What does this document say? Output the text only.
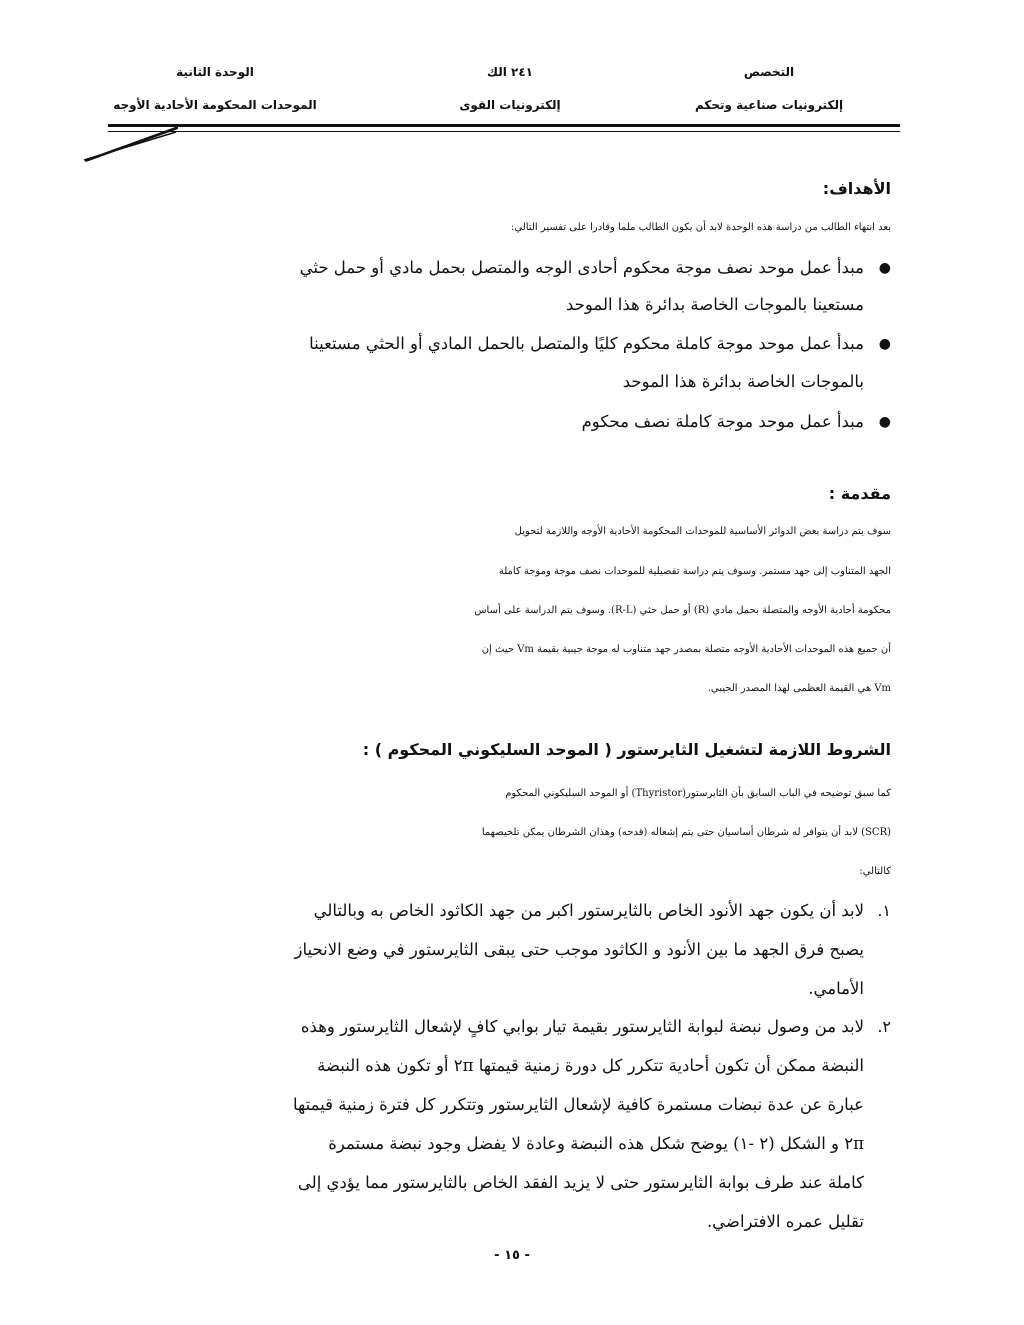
التخصص
إلكترونيات صناعية وتحكم
٢٤١ الك
إلكترونيات القوى
الوحدة الثانية
الموحدات المحكومة الأحادية الأوجه
الأهداف:
بعد انتهاء الطالب من دراسة هذه الوحدة لابد أن يكون الطالب ملما وقادرا على تفسير التالي:
●
مبدأ عمل موحد نصف موجة محكوم أحادى الوجه والمتصل بحمل مادي أو حمل حثي
مستعينا بالموجات الخاصة بدائرة هذا الموحد
●
مبدأ عمل موحد موجة كاملة محكوم كليًا والمتصل بالحمل المادي أو الحثي مستعينا
بالموجات الخاصة بدائرة هذا الموحد
●
مبدأ عمل موحد موجة كاملة نصف محكوم
مقدمة :
سوف يتم دراسة بعض الدوائر الأساسية للموحدات المحكومة الأحادية الأوجه واللازمة لتحويل
الجهد المتناوب إلى جهد مستمر. وسوف يتم دراسة تفصيلية للموحدات نصف موجة وموجة كاملة
محكومة أحادية الأوجه والمتصلة بحمل مادي (R) أو حمل حثي (R-L). وسوف يتم الدراسة على أساس
أن جميع هذه الموحدات الأحادية الأوجه متصلة بمصدر جهد متناوب له موجة جيبية بقيمة Vm حيث إن
Vm هي القيمة العظمى لهذا المصدر الجيبي.
الشروط اللازمة لتشغيل الثايرستور ( الموحد السليكوني المحكوم ) :
كما سبق توضيحه في الباب السابق بأن الثايرستور(Thyristor) أو الموحد السليكوني المحكوم
(SCR) لابد أن يتوافر له شرطان أساسيان حتى يتم إشعاله (قدحه) وهذان الشرطان يمكن تلخيصهما
كالتالي:
١.
لابد أن يكون جهد الأنود الخاص بالثايرستور اكبر من جهد الكاثود الخاص به وبالتالي
يصبح فرق الجهد ما بين الأنود و الكاثود موجب حتى يبقى الثايرستور في وضع الانحياز
الأمامي.
٢.
لابد من وصول نبضة لبوابة الثايرستور بقيمة تيار بوابي كافٍ لإشعال الثايرستور وهذه
النبضة ممكن أن تكون أحادية تتكرر كل دورة زمنية قيمتها ٢π أو تكون هذه النبضة
عبارة عن عدة نبضات مستمرة كافية لإشعال الثايرستور وتتكرر كل فترة زمنية قيمتها
٢π و الشكل (٢ -١) يوضح شكل هذه النبضة وعادة لا يفضل وجود نبضة مستمرة
كاملة عند طرف بوابة الثايرستور حتى لا يزيد الفقد الخاص بالثايرستور مما يؤدي إلى
تقليل عمره الافتراضي.
- ١٥ -
